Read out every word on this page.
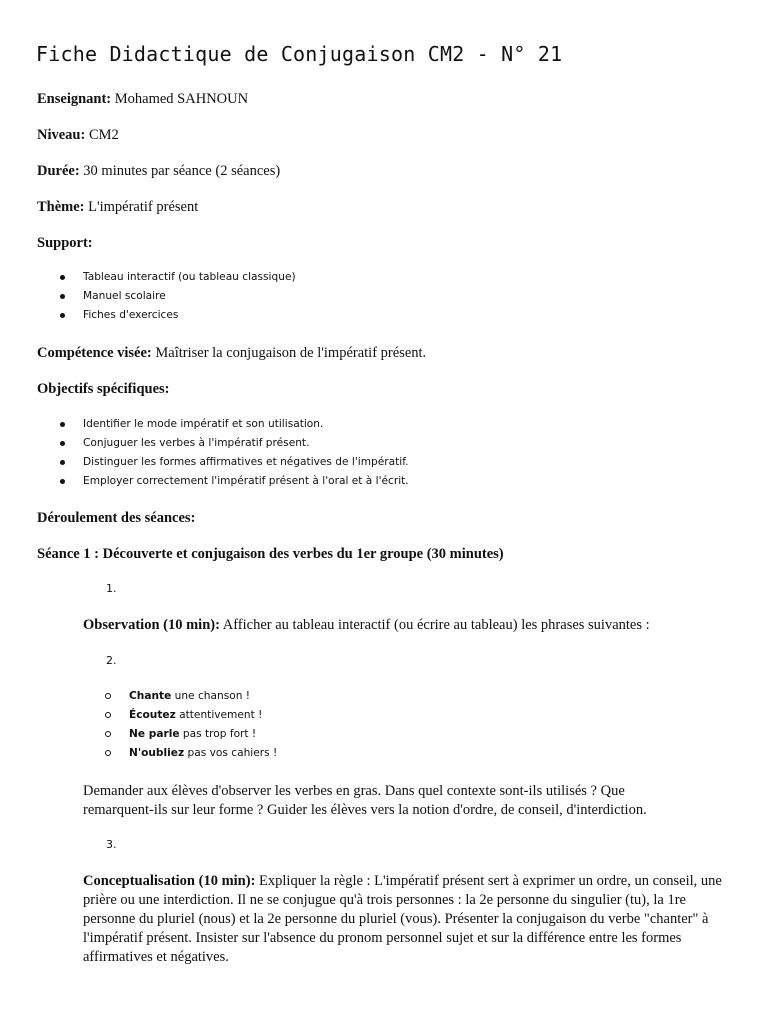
Fiche Didactique de Conjugaison CM2 - N° 21
Enseignant: Mohamed SAHNOUN
Niveau: CM2
Durée: 30 minutes par séance (2 séances)
Thème: L'impératif présent
Support:
Tableau interactif (ou tableau classique)
Manuel scolaire
Fiches d'exercices
Compétence visée: Maîtriser la conjugaison de l'impératif présent.
Objectifs spécifiques:
Identifier le mode impératif et son utilisation.
Conjuguer les verbes à l'impératif présent.
Distinguer les formes affirmatives et négatives de l'impératif.
Employer correctement l'impératif présent à l'oral et à l'écrit.
Déroulement des séances:
Séance 1 : Découverte et conjugaison des verbes du 1er groupe (30 minutes)
1.
Observation (10 min): Afficher au tableau interactif (ou écrire au tableau) les phrases suivantes :
2.
Chante une chanson !
Écoutez attentivement !
Ne parle pas trop fort !
N'oubliez pas vos cahiers !
Demander aux élèves d'observer les verbes en gras. Dans quel contexte sont-ils utilisés ? Que
remarquent-ils sur leur forme ? Guider les élèves vers la notion d'ordre, de conseil, d'interdiction.
3.
Conceptualisation (10 min): Expliquer la règle : L'impératif présent sert à exprimer un ordre, un conseil, une prière ou une interdiction. Il ne se conjugue qu'à trois personnes : la 2e personne du singulier (tu), la 1re personne du pluriel (nous) et la 2e personne du pluriel (vous). Présenter la conjugaison du verbe "chanter" à l'impératif présent. Insister sur l'absence du pronom personnel sujet et sur la différence entre les formes affirmatives et négatives.
